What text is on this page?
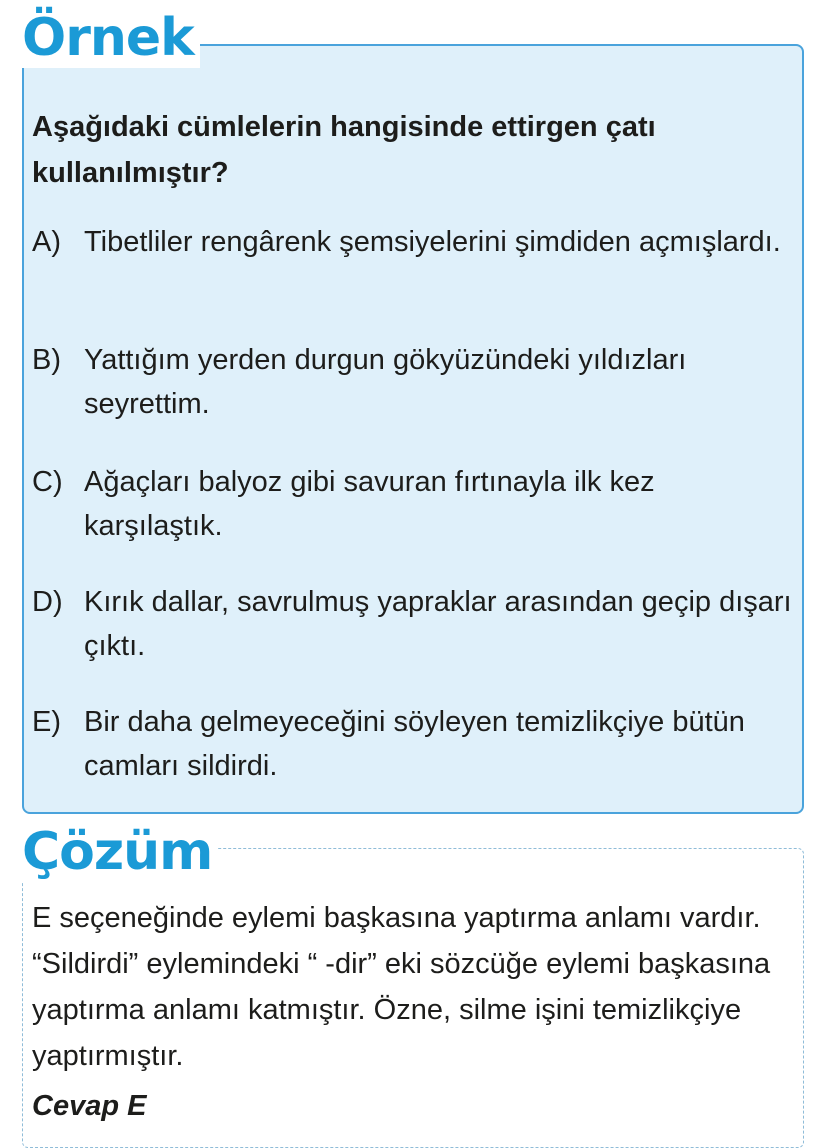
Örnek
Aşağıdaki cümlelerin hangisinde ettirgen çatı kullanılmıştır?
A) Tibetliler rengârenk şemsiyelerini şimdiden açmışlardı.
B) Yattığım yerden durgun gökyüzündeki yıldızları seyrettim.
C) Ağaçları balyoz gibi savuran fırtınayla ilk kez karşılaştık.
D) Kırık dallar, savrulmuş yapraklar arasından geçip dışarı çıktı.
E) Bir daha gelmeyeceğini söyleyen temizlikçiye bütün camları sildirdi.
Çözüm
E seçeneğinde eylemi başkasına yaptırma anlamı vardır. “Sildirdi” eylemindeki “ -dir” eki sözcüğe eylemi başkasına yaptırma anlamı katmıştır. Özne, silme işini temizlikçiye yaptırmıştır.
Cevap E
